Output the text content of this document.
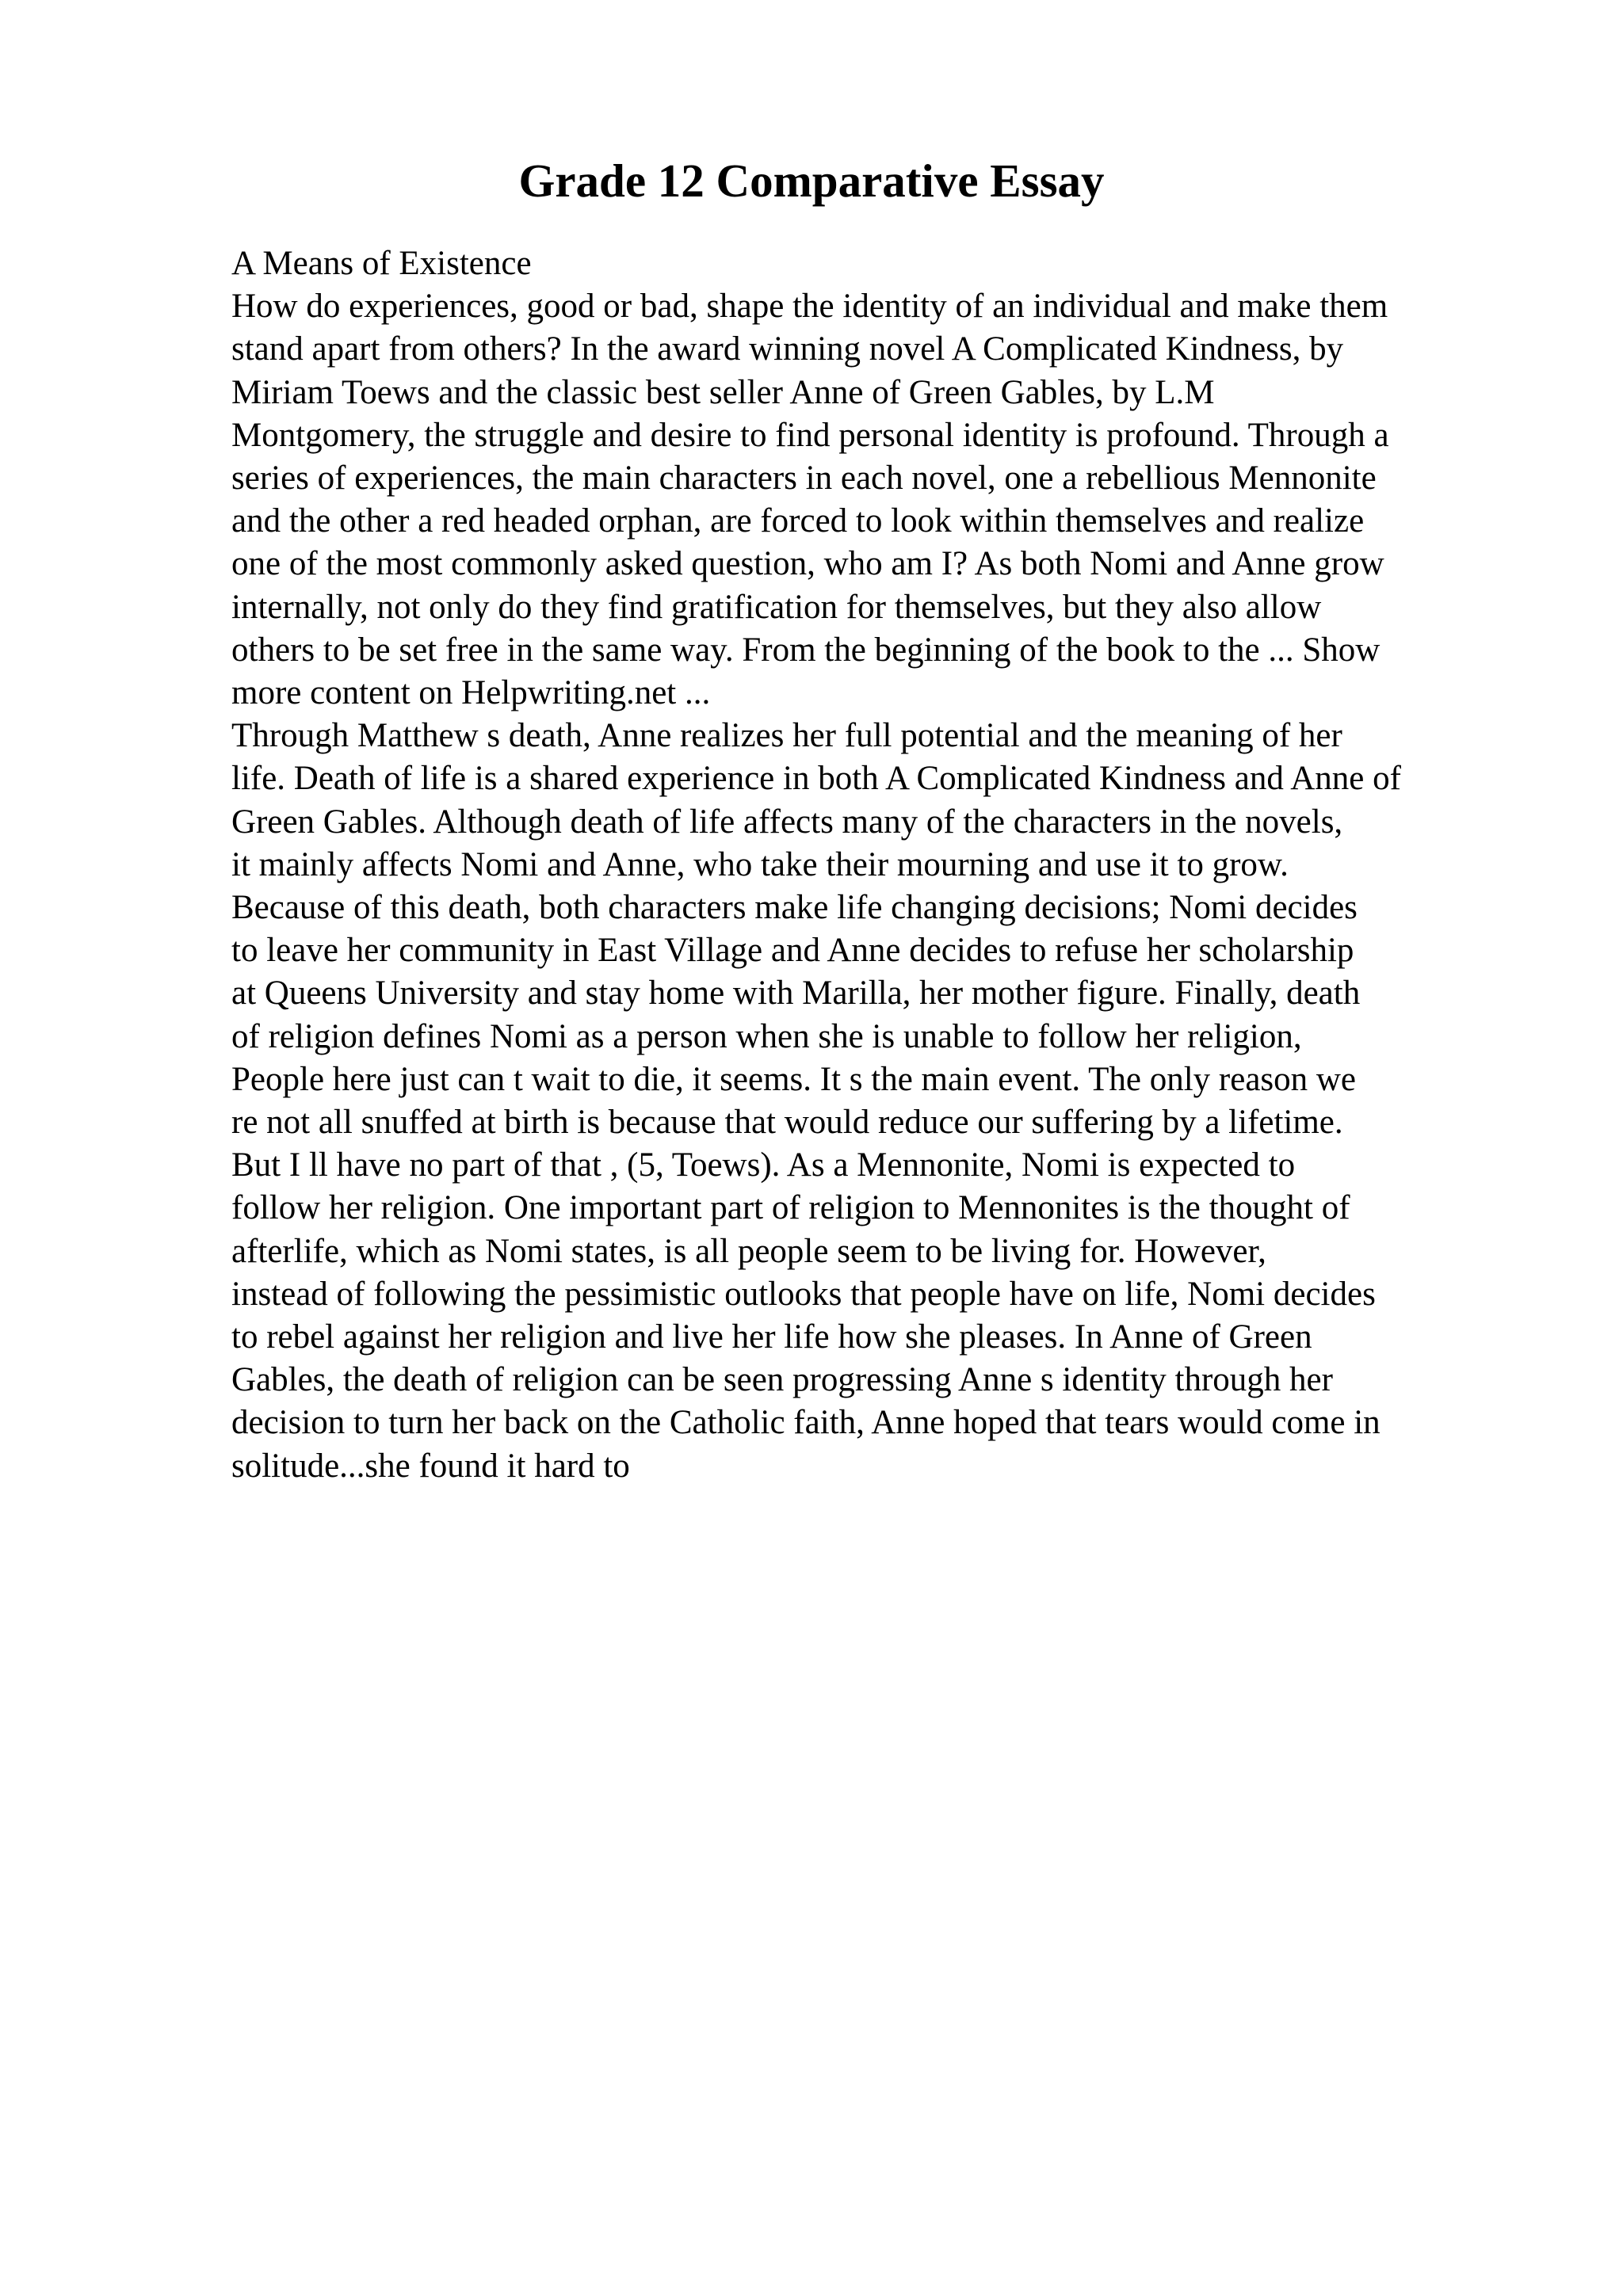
Grade 12 Comparative Essay
A Means of Existence
How do experiences, good or bad, shape the identity of an individual and make them
stand apart from others? In the award winning novel A Complicated Kindness, by
Miriam Toews and the classic best seller Anne of Green Gables, by L.M
Montgomery, the struggle and desire to find personal identity is profound. Through a
series of experiences, the main characters in each novel, one a rebellious Mennonite
and the other a red headed orphan, are forced to look within themselves and realize
one of the most commonly asked question, who am I? As both Nomi and Anne grow
internally, not only do they find gratification for themselves, but they also allow
others to be set free in the same way. From the beginning of the book to the ... Show
more content on Helpwriting.net ...
Through Matthew s death, Anne realizes her full potential and the meaning of her
life. Death of life is a shared experience in both A Complicated Kindness and Anne of
Green Gables. Although death of life affects many of the characters in the novels,
it mainly affects Nomi and Anne, who take their mourning and use it to grow.
Because of this death, both characters make life changing decisions; Nomi decides
to leave her community in East Village and Anne decides to refuse her scholarship
at Queens University and stay home with Marilla, her mother figure. Finally, death
of religion defines Nomi as a person when she is unable to follow her religion,
People here just can t wait to die, it seems. It s the main event. The only reason we
re not all snuffed at birth is because that would reduce our suffering by a lifetime.
But I ll have no part of that , (5, Toews). As a Mennonite, Nomi is expected to
follow her religion. One important part of religion to Mennonites is the thought of
afterlife, which as Nomi states, is all people seem to be living for. However,
instead of following the pessimistic outlooks that people have on life, Nomi decides
to rebel against her religion and live her life how she pleases. In Anne of Green
Gables, the death of religion can be seen progressing Anne s identity through her
decision to turn her back on the Catholic faith, Anne hoped that tears would come in
solitude...she found it hard to
